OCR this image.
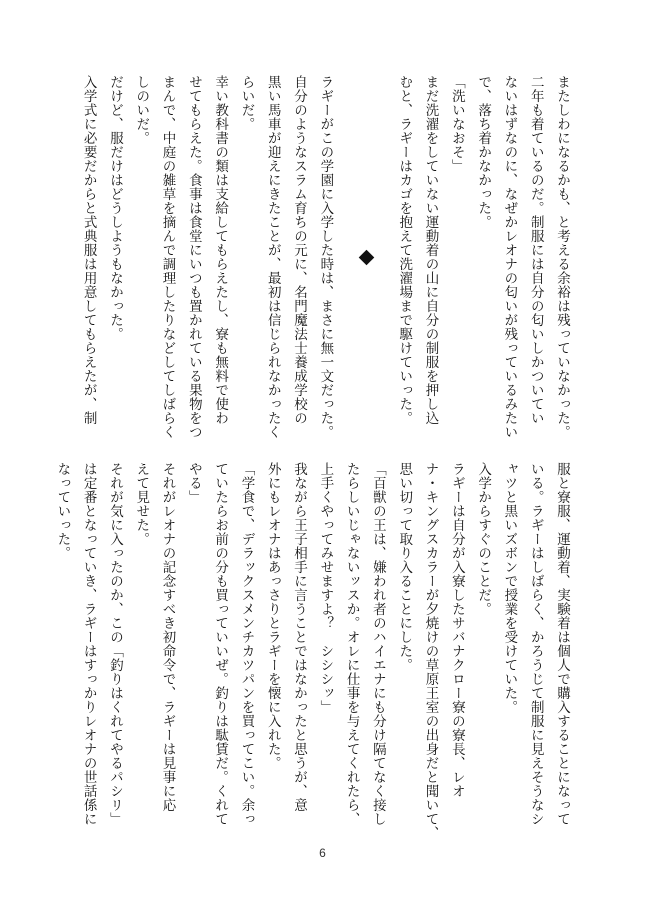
またしわになるかも、と考える余裕は残っていなかった。
二年も着ているのだ。制服には自分の匂いしかついてい
ないはずなのに、なぜかレオナの匂いが残っているみたい
で、落ち着かなかった。
「洗いなおそ」
まだ洗濯をしていない運動着の山に自分の制服を押し込
むと、ラギーはカゴを抱えて洗濯場まで駆けていった。

ラギーがこの学園に入学した時は、まさに無一文だった。
自分のようなスラム育ちの元に、名門魔法士養成学校の
黒い馬車が迎えにきたことが、最初は信じられなかったく
らいだ。
幸い教科書の類は支給してもらえたし、寮も無料で使わ
せてもらえた。食事は食堂にいつも置かれている果物をつ
まんで、中庭の雑草を摘んで調理したりなどしてしばらく
しのいだ。
だけど、服だけはどうしようもなかった。
入学式に必要だからと式典服は用意してもらえたが、制
服と寮服、運動着、実験着は個人で購入することになって
いる。ラギーはしばらく、かろうじて制服に見えそうなシ
ャツと黒いズボンで授業を受けていた。
入学からすぐのことだ。
ラギーは自分が入寮したサバナクロー寮の寮長、レオ
ナ・キングスカラーが夕焼けの草原王室の出身だと聞いて、
思い切って取り入ることにした。
「百獣の王は、嫌われ者のハイエナにも分け隔てなく接し
たらしいじゃないッスか。オレに仕事を与えてくれたら、
上手くやってみせますよ？　シシシッ」
我ながら王子相手に言うことではなかったと思うが、意
外にもレオナはあっさりとラギーを懐に入れた。
「学食で、デラックスメンチカツパンを買ってこい。余っ
ていたらお前の分も買っていいぜ。釣りは駄賃だ。くれて
やる」
それがレオナの記念すべき初命令で、ラギーは見事に応
えて見せた。
それが気に入ったのか、この「釣りはくれてやるパシリ」
は定番となっていき、ラギーはすっかりレオナの世話係に
なっていった。
6
